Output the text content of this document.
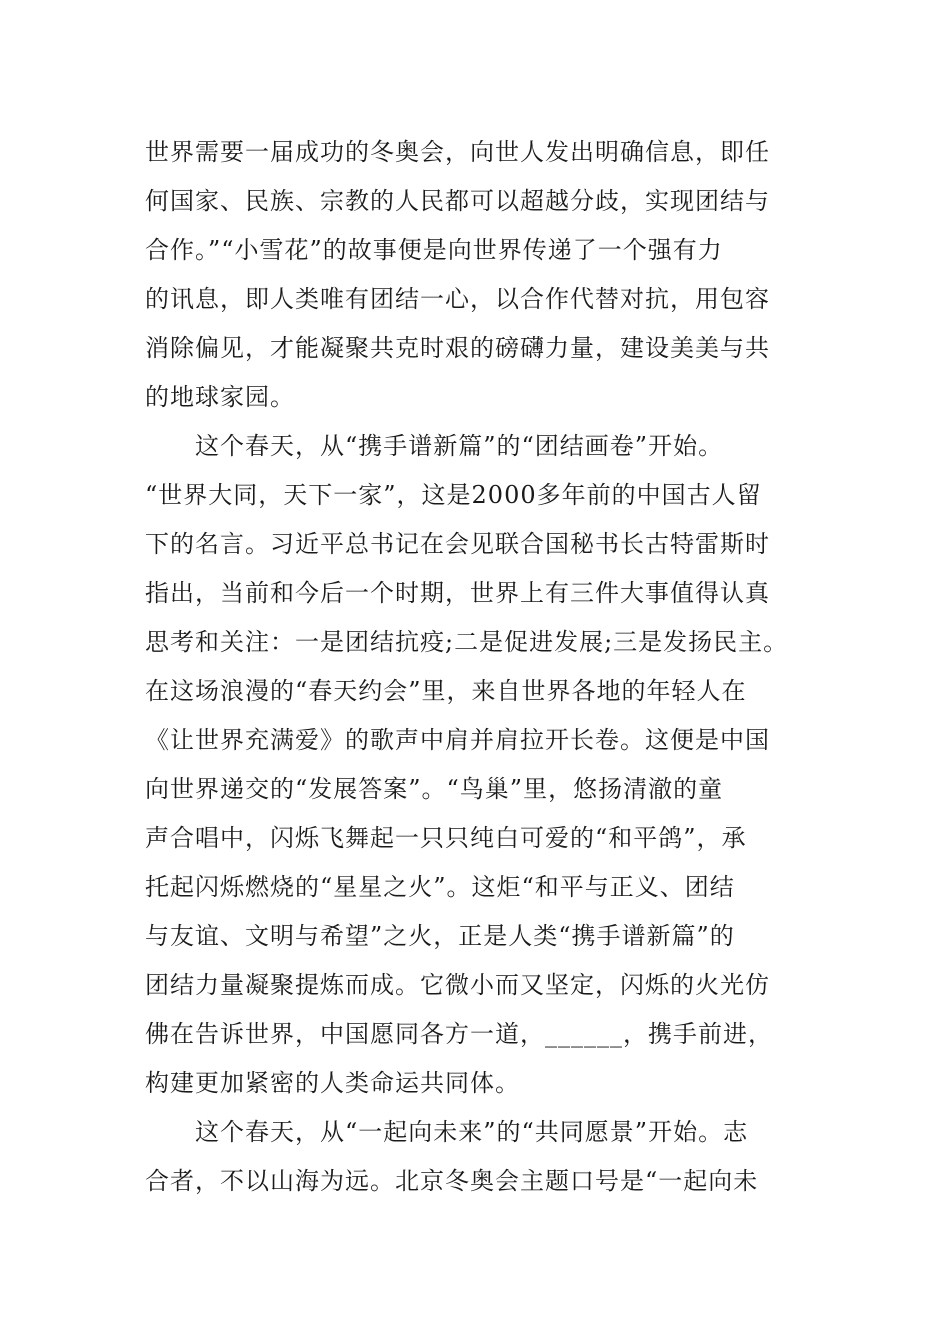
世界需要一届成功的冬奥会，向世人发出明确信息，即任
何国家、民族、宗教的人民都可以超越分歧，实现团结与
合作。”“小雪花”的故事便是向世界传递了一个强有力
的讯息，即人类唯有团结一心，以合作代替对抗，用包容
消除偏见，才能凝聚共克时艰的磅礴力量，建设美美与共
的地球家园。
　　这个春天，从“携手谱新篇”的“团结画卷”开始。
“世界大同，天下一家”，这是2000多年前的中国古人留
下的名言。习近平总书记在会见联合国秘书长古特雷斯时
指出，当前和今后一个时期，世界上有三件大事值得认真
思考和关注：一是团结抗疫;二是促进发展;三是发扬民主。
在这场浪漫的“春天约会”里，来自世界各地的年轻人在
《让世界充满爱》的歌声中肩并肩拉开长卷。这便是中国
向世界递交的“发展答案”。“鸟巢”里，悠扬清澈的童
声合唱中，闪烁飞舞起一只只纯白可爱的“和平鸽”，承
托起闪烁燃烧的“星星之火”。这炬“和平与正义、团结
与友谊、文明与希望”之火，正是人类“携手谱新篇”的
团结力量凝聚提炼而成。它微小而又坚定，闪烁的火光仿
佛在告诉世界，中国愿同各方一道，______，携手前进，
构建更加紧密的人类命运共同体。
　　这个春天，从“一起向未来”的“共同愿景”开始。志
合者，不以山海为远。北京冬奥会主题口号是“一起向未
